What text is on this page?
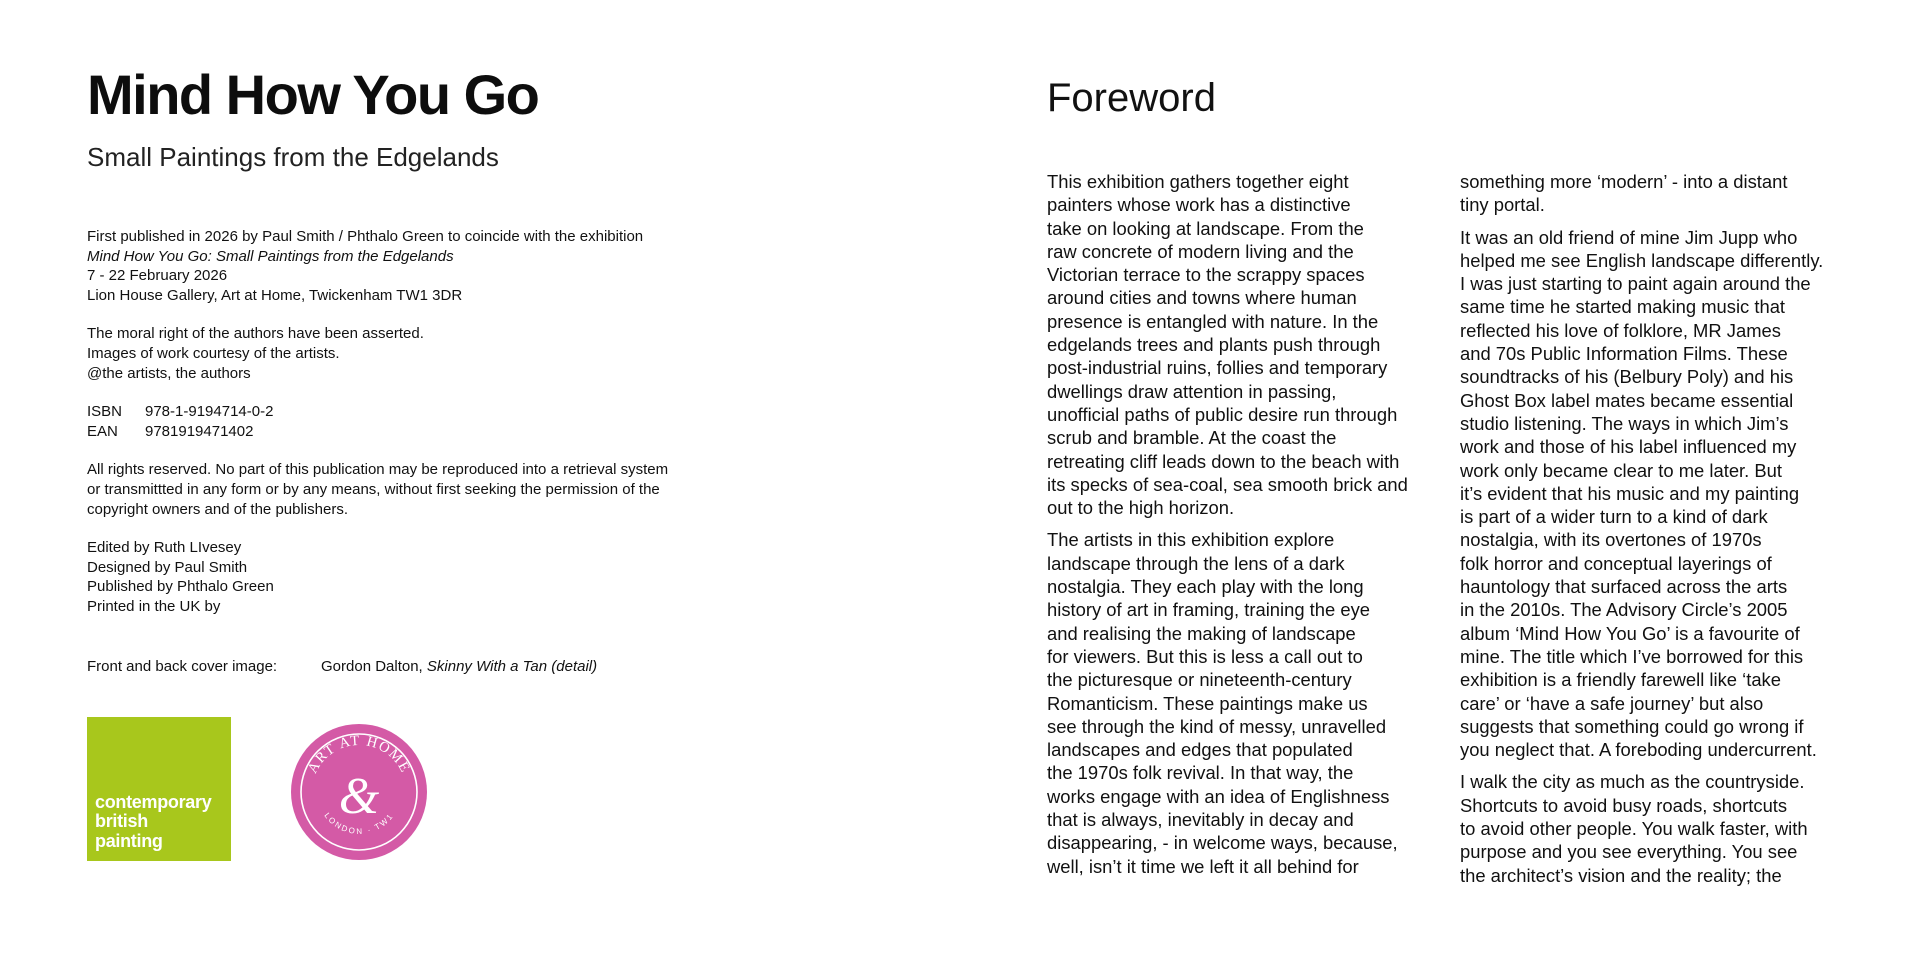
Mind How You Go
Small Paintings from the Edgelands

First published in 2026 by Paul Smith / Phthalo Green to coincide with the exhibition

Mind How You Go: Small Paintings from the Edgelands

7 - 22 February 2026

Lion House Gallery, Art at Home, Twickenham TW1 3DR

The moral right of the authors have been asserted.

Images of work courtesy of the artists.

@the artists, the authors

ISBN	978-1-9194714-0-2

EAN	9781919471402

All rights reserved. No part of this publication may be reproduced into a retrieval system

or transmittted in any form or by any means, without first seeking the permission of the

copyright owners and of the publishers.

Edited by Ruth LIvesey

Designed by Paul Smith

Published by Phthalo Green

Printed in the UK by

Front and back cover image:	Gordon Dalton, Skinny With a Tan (detail)

contemporary
british
painting

ART AT HOME
LONDON · TW1
&
Foreword

This exhibition gathers together eight
painters whose work has a distinctive
take on looking at landscape. From the
raw concrete of modern living and the
Victorian terrace to the scrappy spaces
around cities and towns where human
presence is entangled with nature. In the
edgelands trees and plants push through
post-industrial ruins, follies and temporary
dwellings draw attention in passing,
unofficial paths of public desire run through
scrub and bramble. At the coast the
retreating cliff leads down to the beach with
its specks of sea-coal, sea smooth brick and
out to the high horizon.

The artists in this exhibition explore
landscape through the lens of a dark
nostalgia. They each play with the long
history of art in framing, training the eye
and realising the making of landscape
for viewers. But this is less a call out to
the picturesque or nineteenth-century
Romanticism. These paintings make us
see through the kind of messy, unravelled
landscapes and edges that populated
the 1970s folk revival. In that way, the
works engage with an idea of Englishness
that is always, inevitably in decay and
disappearing, - in welcome ways, because,
well, isn’t it time we left it all behind for

something more ‘modern’ - into a distant
tiny portal.

It was an old friend of mine Jim Jupp who
helped me see English landscape differently.
I was just starting to paint again around the
same time he started making music that
reflected his love of folklore, MR James
and 70s Public Information Films. These
soundtracks of his (Belbury Poly) and his
Ghost Box label mates became essential
studio listening. The ways in which Jim’s
work and those of his label influenced my
work only became clear to me later. But
it’s evident that his music and my painting
is part of a wider turn to a kind of dark
nostalgia, with its overtones of 1970s
folk horror and conceptual layerings of
hauntology that surfaced across the arts
in the 2010s. The Advisory Circle’s 2005
album ‘Mind How You Go’ is a favourite of
mine. The title which I’ve borrowed for this
exhibition is a friendly farewell like ‘take
care’ or ‘have a safe journey’ but also
suggests that something could go wrong if
you neglect that. A foreboding undercurrent.

I walk the city as much as the countryside.
Shortcuts to avoid busy roads, shortcuts
to avoid other people. You walk faster, with
purpose and you see everything. You see
the architect’s vision and the reality; the
